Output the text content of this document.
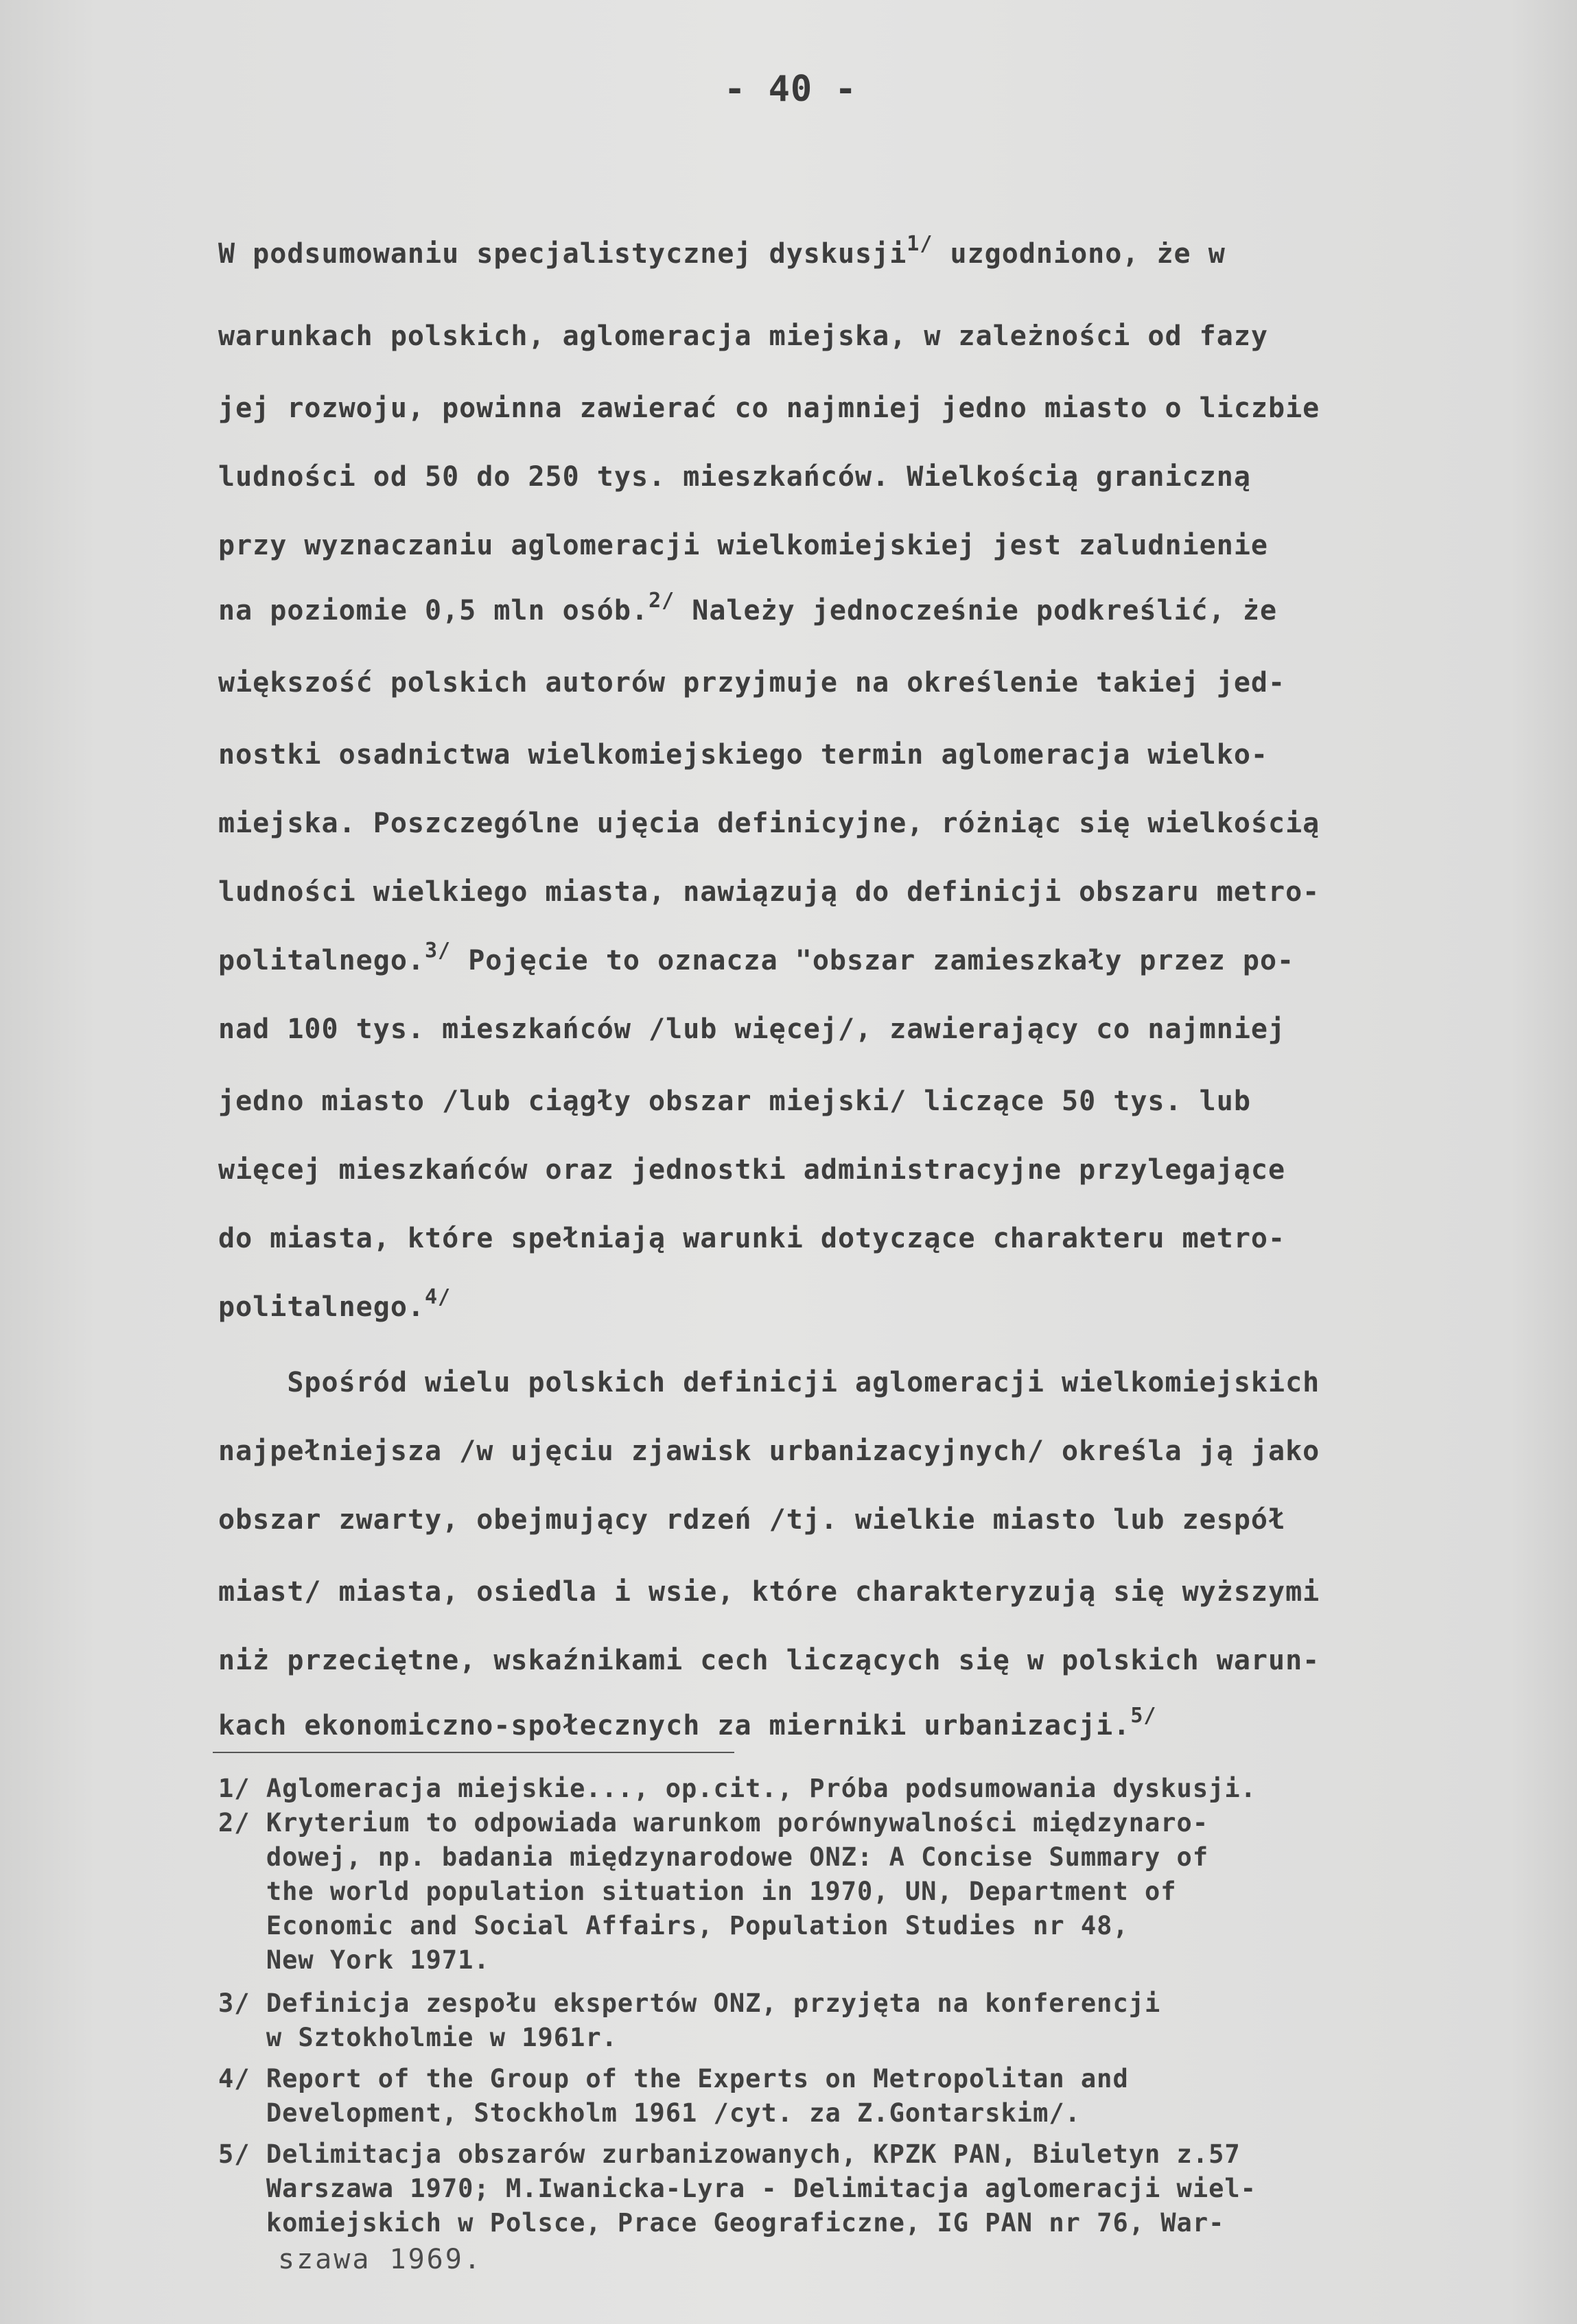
- 40 -
W podsumowaniu specjalistycznej dyskusji$^{1/}$ uzgodniono, że w
warunkach polskich, aglomeracja miejska, w zależności od fazy
jej rozwoju, powinna zawierać co najmniej jedno miasto o liczbie
ludności od 50 do 250 tys. mieszkańców. Wielkością graniczną
przy wyznaczaniu aglomeracji wielkomiejskiej jest zaludnienie
na poziomie 0,5 mln osób.$^{2/}$ Należy jednocześnie podkreślić, że
większość polskich autorów przyjmuje na określenie takiej jed-
nostki osadnictwa wielkomiejskiego termin aglomeracja wielko-
miejska. Poszczególne ujęcia definicyjne, różniąc się wielkością
ludności wielkiego miasta, nawiązują do definicji obszaru metro-
politalnego.$^{3/}$ Pojęcie to oznacza "obszar zamieszkały przez po-
nad 100 tys. mieszkańców /lub więcej/, zawierający co najmniej
jedno miasto /lub ciągły obszar miejski/ liczące 50 tys. lub
więcej mieszkańców oraz jednostki administracyjne przylegające
do miasta, które spełniają warunki dotyczące charakteru metro-
politalnego.$^{4/}$
Spośród wielu polskich definicji aglomeracji wielkomiejskich
najpełniejsza /w ujęciu zjawisk urbanizacyjnych/ określa ją jako
obszar zwarty, obejmujący rdzeń /tj. wielkie miasto lub zespół
miast/ miasta, osiedla i wsie, które charakteryzują się wyższymi
niż przeciętne, wskaźnikami cech liczących się w polskich warun-
kach ekonomiczno-społecznych za mierniki urbanizacji.$^{5/}$
1/ Aglomeracja miejskie..., op.cit., Próba podsumowania dyskusji.
2/ Kryterium to odpowiada warunkom porównywalności międzynaro-
dowej, np. badania międzynarodowe ONZ: A Concise Summary of
the world population situation in 1970, UN, Department of
Economic and Social Affairs, Population Studies nr 48,
New York 1971.
3/ Definicja zespołu ekspertów ONZ, przyjęta na konferencji
w Sztokholmie w 1961r.
4/ Report of the Group of the Experts on Metropolitan and
Development, Stockholm 1961 /cyt. za Z.Gontarskim/.
5/ Delimitacja obszarów zurbanizowanych, KPZK PAN, Biuletyn z.57
Warszawa 1970; M.Iwanicka-Lyra - Delimitacja aglomeracji wiel-
komiejskich w Polsce, Prace Geograficzne, IG PAN nr 76, War-
szawa 1969.
